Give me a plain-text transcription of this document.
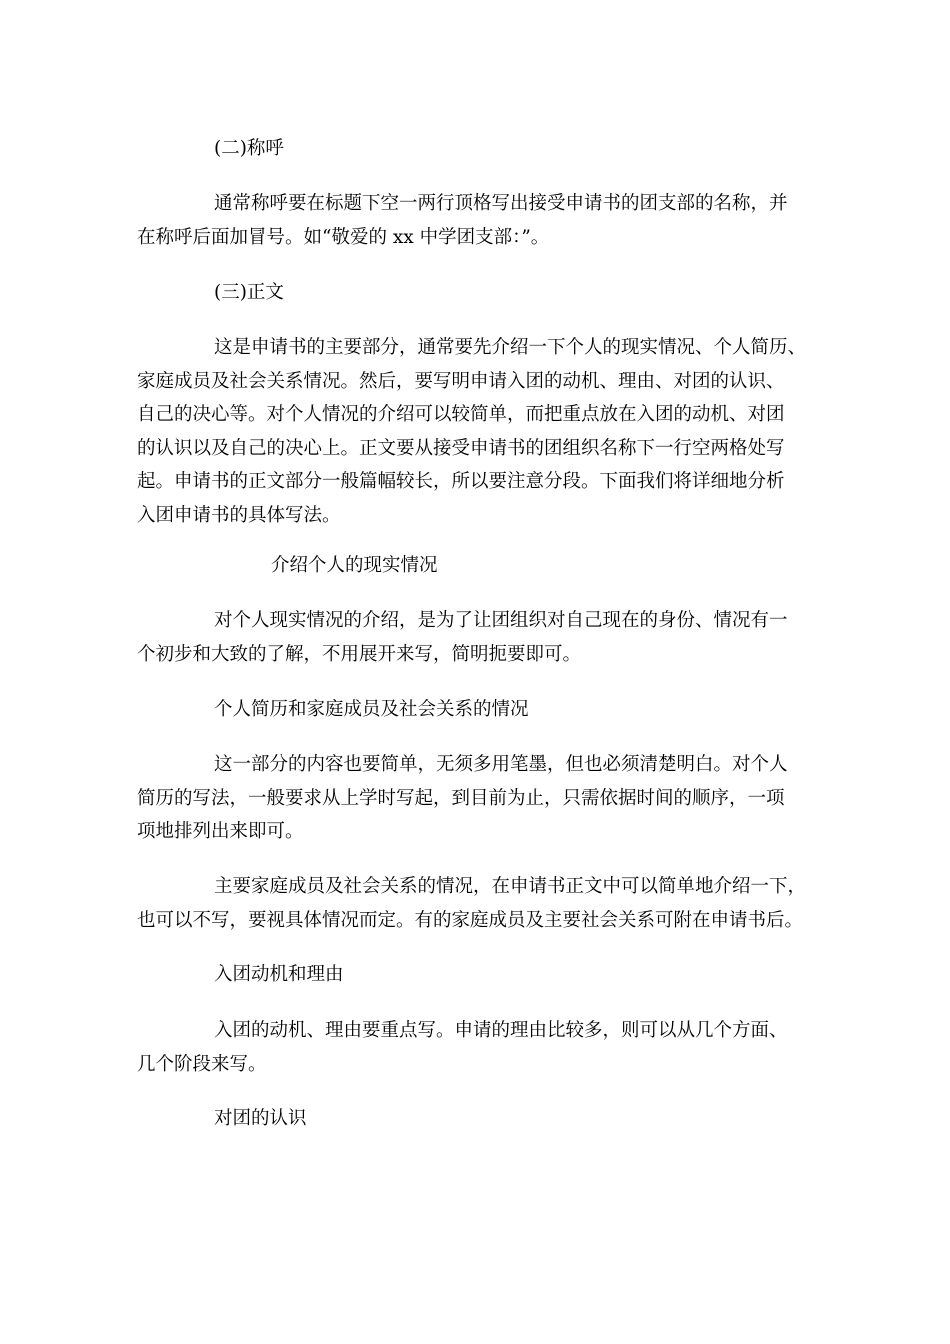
(二)称呼

通常称呼要在标题下空一两行顶格写出接受申请书的团支部的名称，并
在称呼后面加冒号。如“敬爱的 xx 中学团支部：”。

(三)正文

这是申请书的主要部分，通常要先介绍一下个人的现实情况、个人简历、
家庭成员及社会关系情况。然后，要写明申请入团的动机、理由、对团的认识、
自己的决心等。对个人情况的介绍可以较简单，而把重点放在入团的动机、对团
的认识以及自己的决心上。正文要从接受申请书的团组织名称下一行空两格处写
起。申请书的正文部分一般篇幅较长，所以要注意分段。下面我们将详细地分析
入团申请书的具体写法。

介绍个人的现实情况

对个人现实情况的介绍，是为了让团组织对自己现在的身份、情况有一
个初步和大致的了解，不用展开来写，简明扼要即可。

个人简历和家庭成员及社会关系的情况

这一部分的内容也要简单，无须多用笔墨，但也必须清楚明白。对个人
简历的写法，一般要求从上学时写起，到目前为止，只需依据时间的顺序，一项
项地排列出来即可。

主要家庭成员及社会关系的情况，在申请书正文中可以简单地介绍一下，
也可以不写，要视具体情况而定。有的家庭成员及主要社会关系可附在申请书后。

入团动机和理由

入团的动机、理由要重点写。申请的理由比较多，则可以从几个方面、
几个阶段来写。

对团的认识
